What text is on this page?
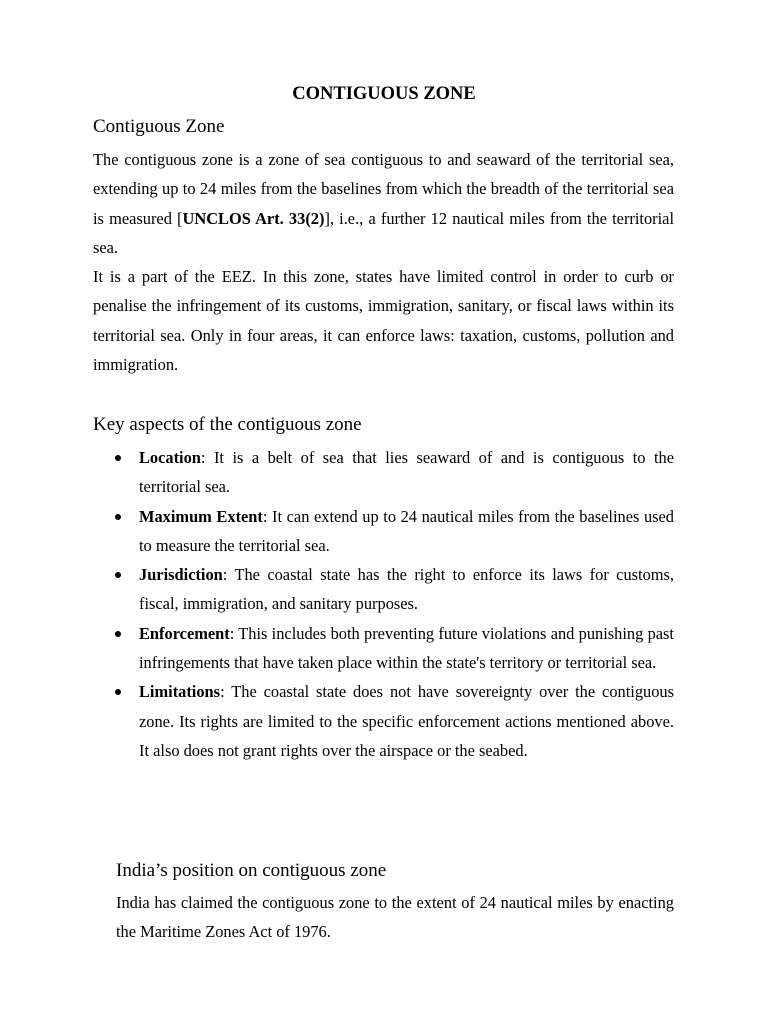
CONTIGUOUS ZONE
Contiguous Zone

The contiguous zone is a zone of sea contiguous to and seaward of the territorial sea, extending up to 24 miles from the baselines from which the breadth of the territorial sea is measured [UNCLOS Art. 33(2)], i.e., a further 12 nautical miles from the territorial sea.

It is a part of the EEZ. In this zone, states have limited control in order to curb or penalise the infringement of its customs, immigration, sanitary, or fiscal laws within its territorial sea. Only in four areas, it can enforce laws: taxation, customs, pollution and immigration.

Key aspects of the contiguous zone
Location: It is a belt of sea that lies seaward of and is contiguous to the territorial sea.
Maximum Extent: It can extend up to 24 nautical miles from the baselines used to measure the territorial sea.
Jurisdiction: The coastal state has the right to enforce its laws for customs, fiscal, immigration, and sanitary purposes.
Enforcement: This includes both preventing future violations and punishing past infringements that have taken place within the state's territory or territorial sea.
Limitations: The coastal state does not have sovereignty over the contiguous zone. Its rights are limited to the specific enforcement actions mentioned above. It also does not grant rights over the airspace or the seabed.
India’s position on contiguous zone

India has claimed the contiguous zone to the extent of 24 nautical miles by enacting the Maritime Zones Act of 1976.
